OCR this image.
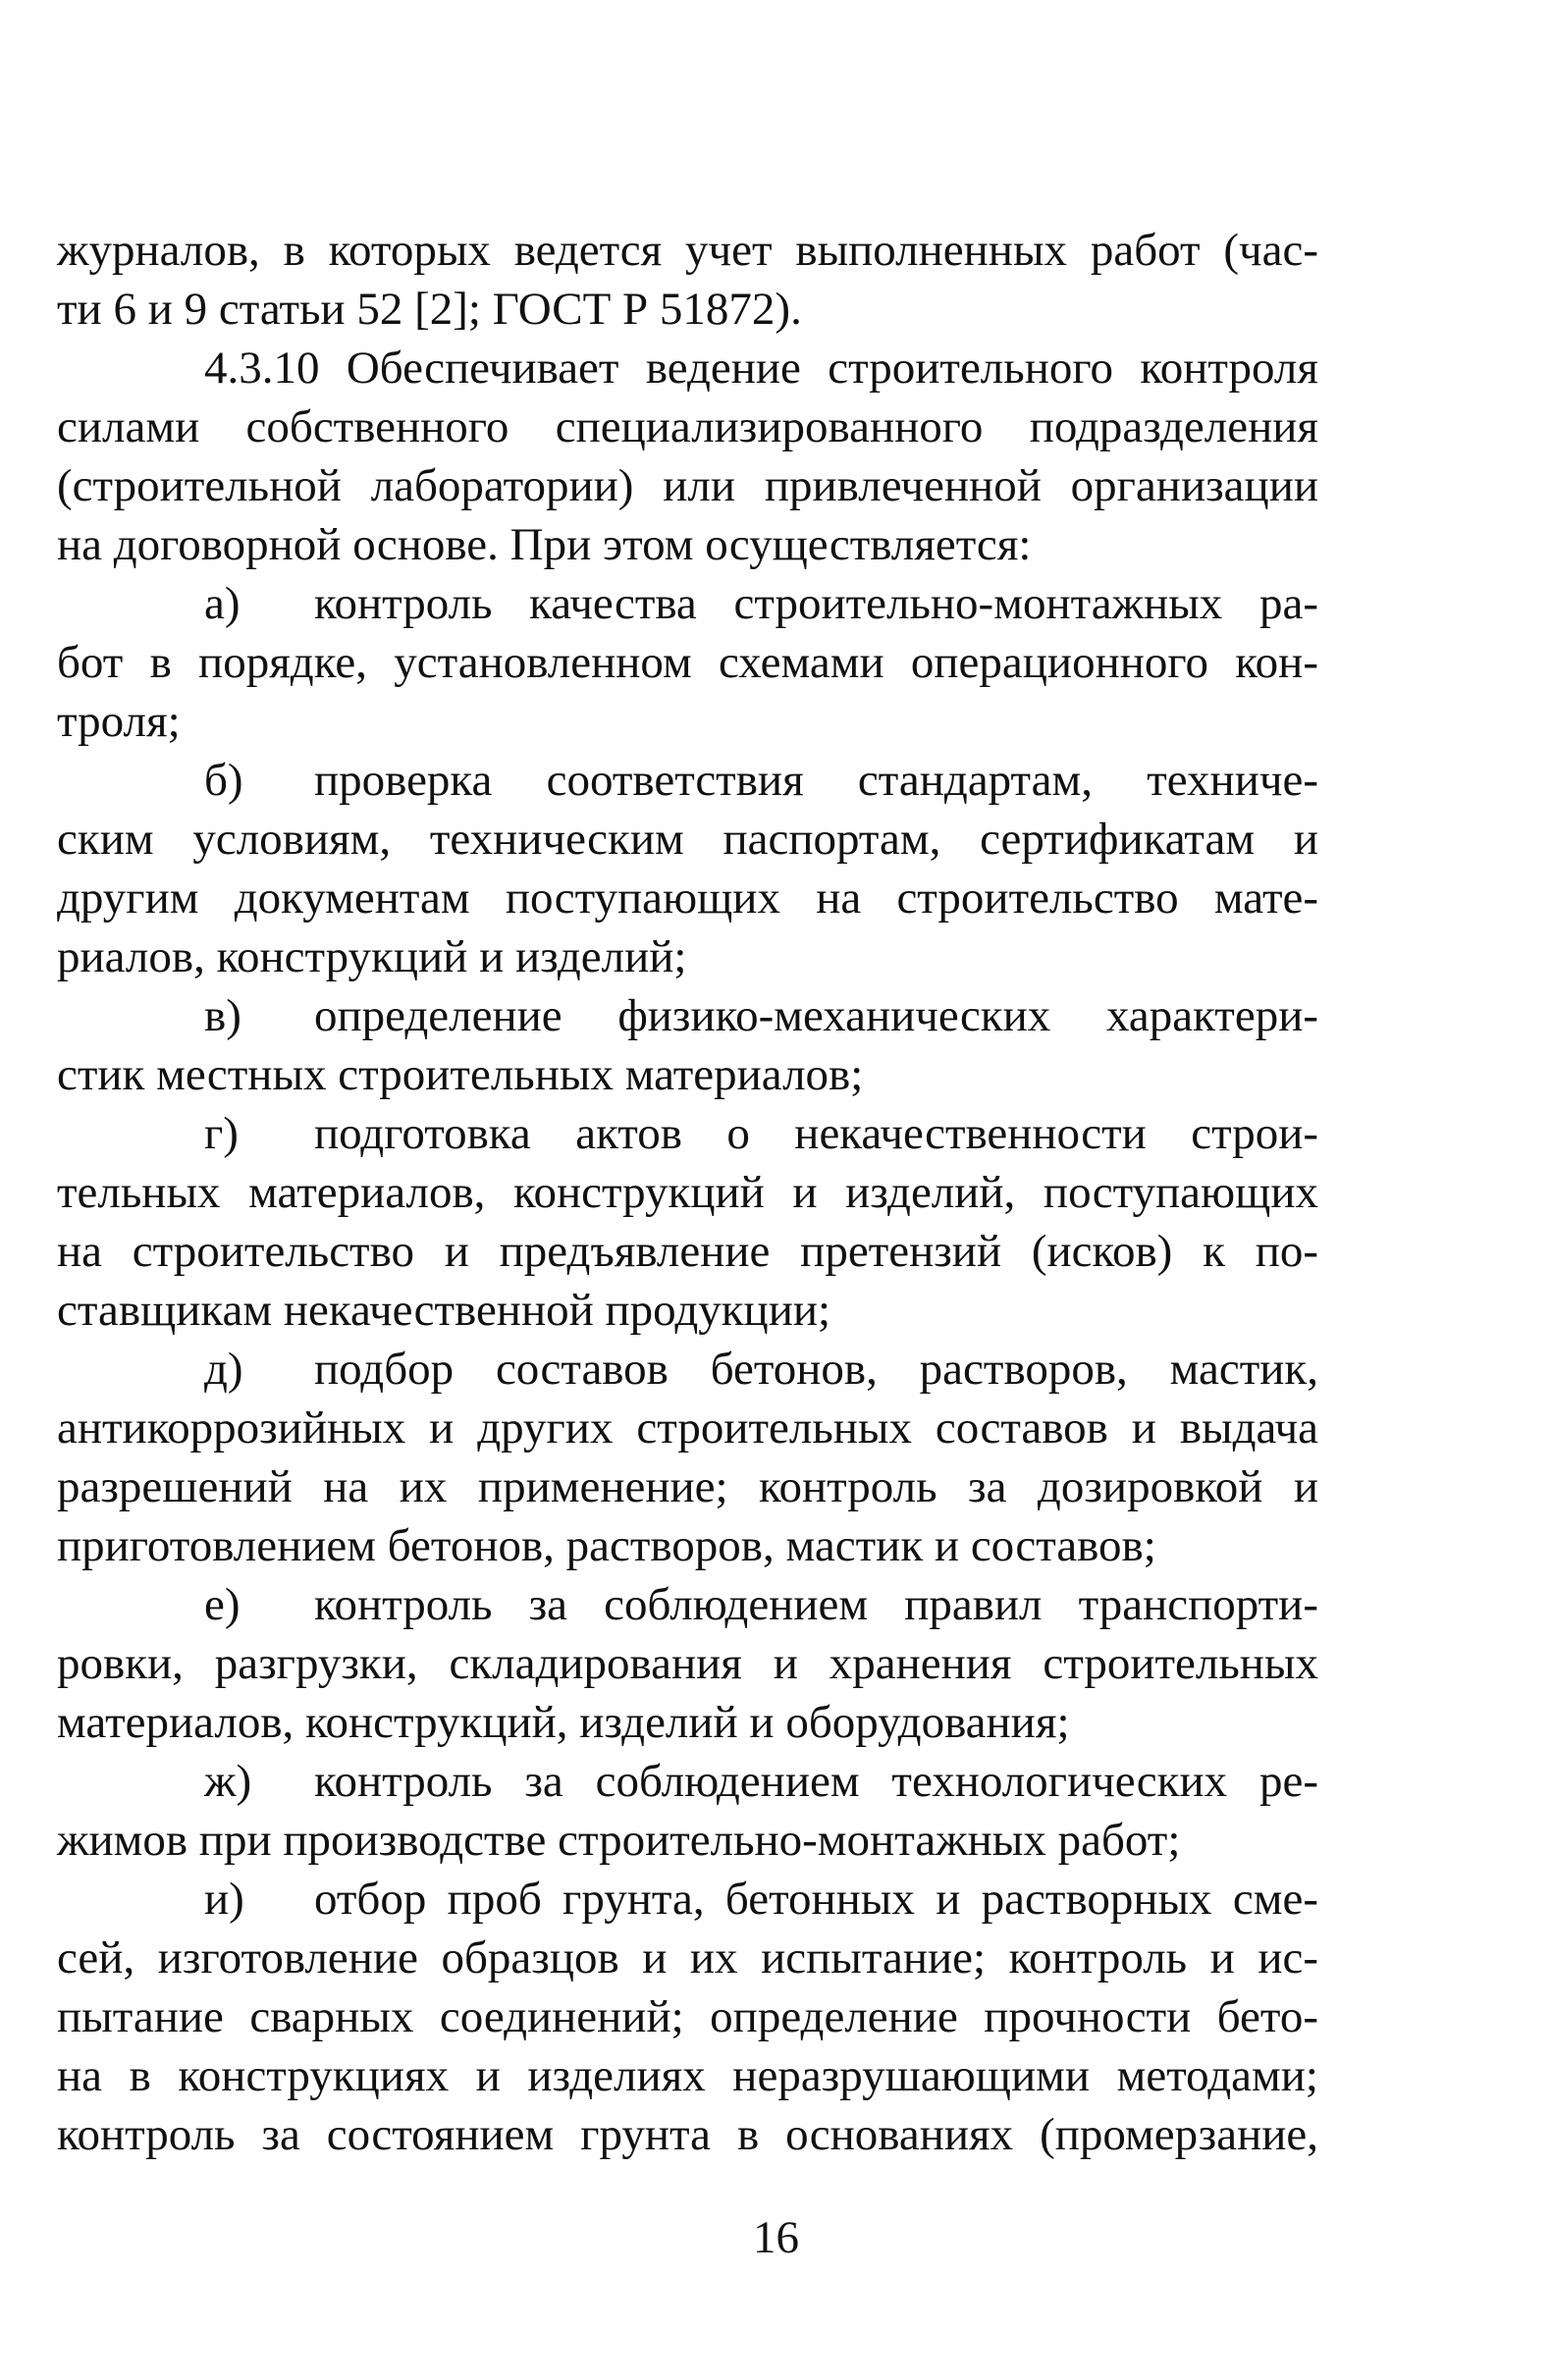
журналов, в которых ведется учет выполненных работ (час-
ти 6 и 9 статьи 52 [2]; ГОСТ Р 51872).

4.3.10 Обеспечивает ведение строительного контроля
силами собственного специализированного подразделения
(строительной лаборатории) или привлеченной организации
на договорной основе. При этом осуществляется:

а) контроль качества строительно-монтажных ра-
бот в порядке, установленном схемами операционного кон-
троля;

б) проверка соответствия стандартам, техниче-
ским условиям, техническим паспортам, сертификатам и
другим документам поступающих на строительство мате-
риалов, конструкций и изделий;

в) определение физико-механических характери-
стик местных строительных материалов;

г) подготовка актов о некачественности строи-
тельных материалов, конструкций и изделий, поступающих
на строительство и предъявление претензий (исков) к по-
ставщикам некачественной продукции;

д) подбор составов бетонов, растворов, мастик,
антикоррозийных и других строительных составов и выдача
разрешений на их применение; контроль за дозировкой и
приготовлением бетонов, растворов, мастик и составов;

е) контроль за соблюдением правил транспорти-
ровки, разгрузки, складирования и хранения строительных
материалов, конструкций, изделий и оборудования;

ж) контроль за соблюдением технологических ре-
жимов при производстве строительно-монтажных работ;

и) отбор проб грунта, бетонных и растворных сме-
сей, изготовление образцов и их испытание; контроль и ис-
пытание сварных соединений; определение прочности бето-
на в конструкциях и изделиях неразрушающими методами;
контроль за состоянием грунта в основаниях (промерзание,

16
